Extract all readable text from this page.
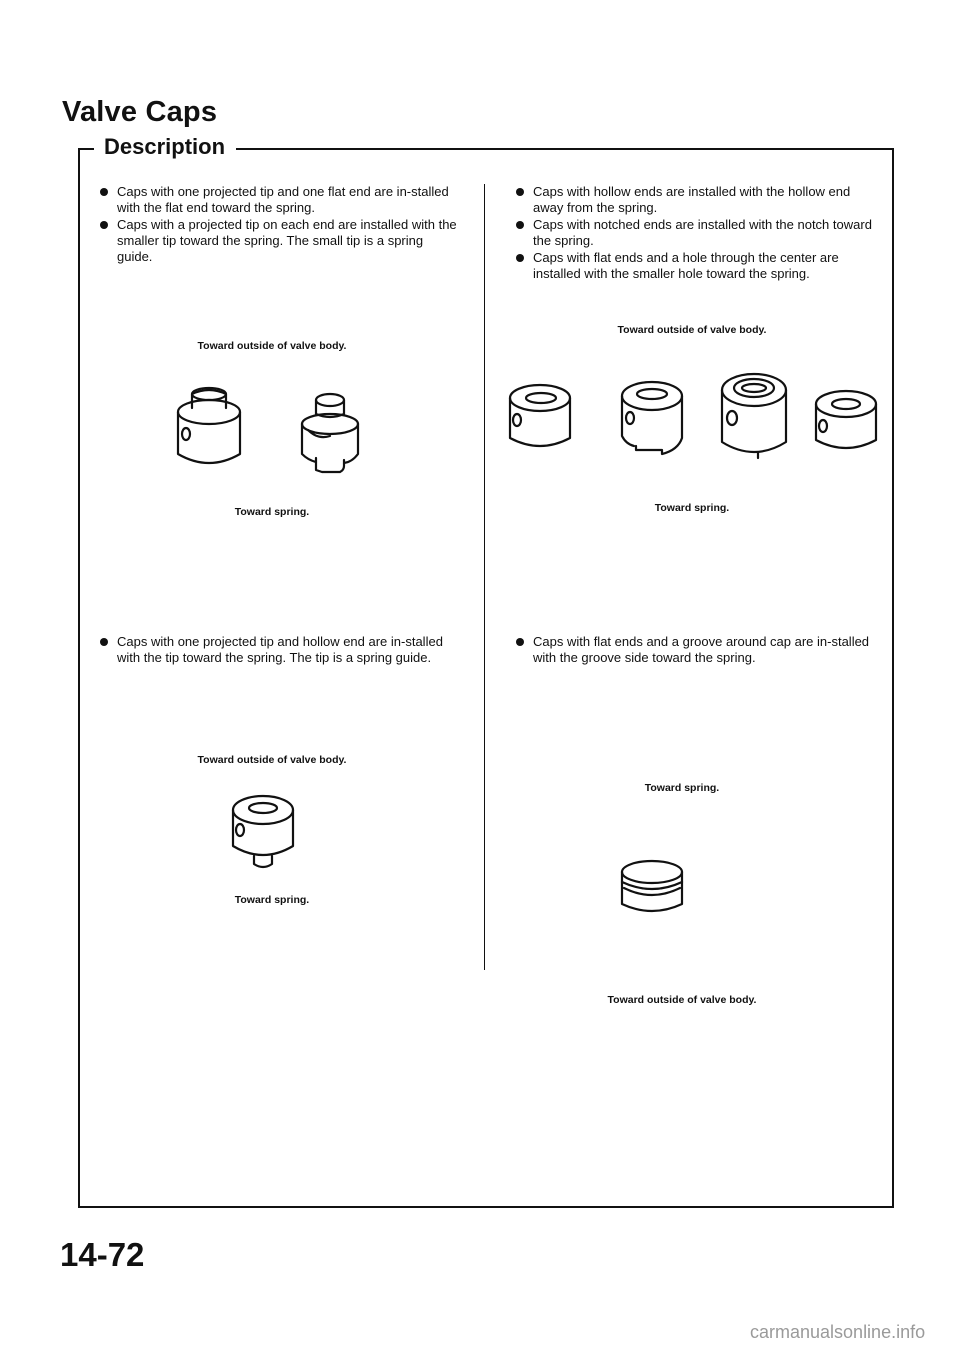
Valve Caps
Description
Caps with one projected tip and one flat end are in-stalled with the flat end toward the spring.
Caps with a projected tip on each end are installed with the smaller tip toward the spring. The small tip is a spring guide.
Toward outside of valve body.
Toward spring.
Caps with one projected tip and hollow end are in-stalled with the tip toward the spring. The tip is a spring guide.
Toward outside of valve body.
Toward spring.
Caps with hollow ends are installed with the hollow end away from the spring.
Caps with notched ends are installed with the notch toward the spring.
Caps with flat ends and a hole through the center are installed with the smaller hole toward the spring.
Toward outside of valve body.
Toward spring.
Caps with flat ends and a groove around cap are in-stalled with the groove side toward the spring.
Toward spring.
Toward outside of valve body.
14-72
carmanualsonline.info
